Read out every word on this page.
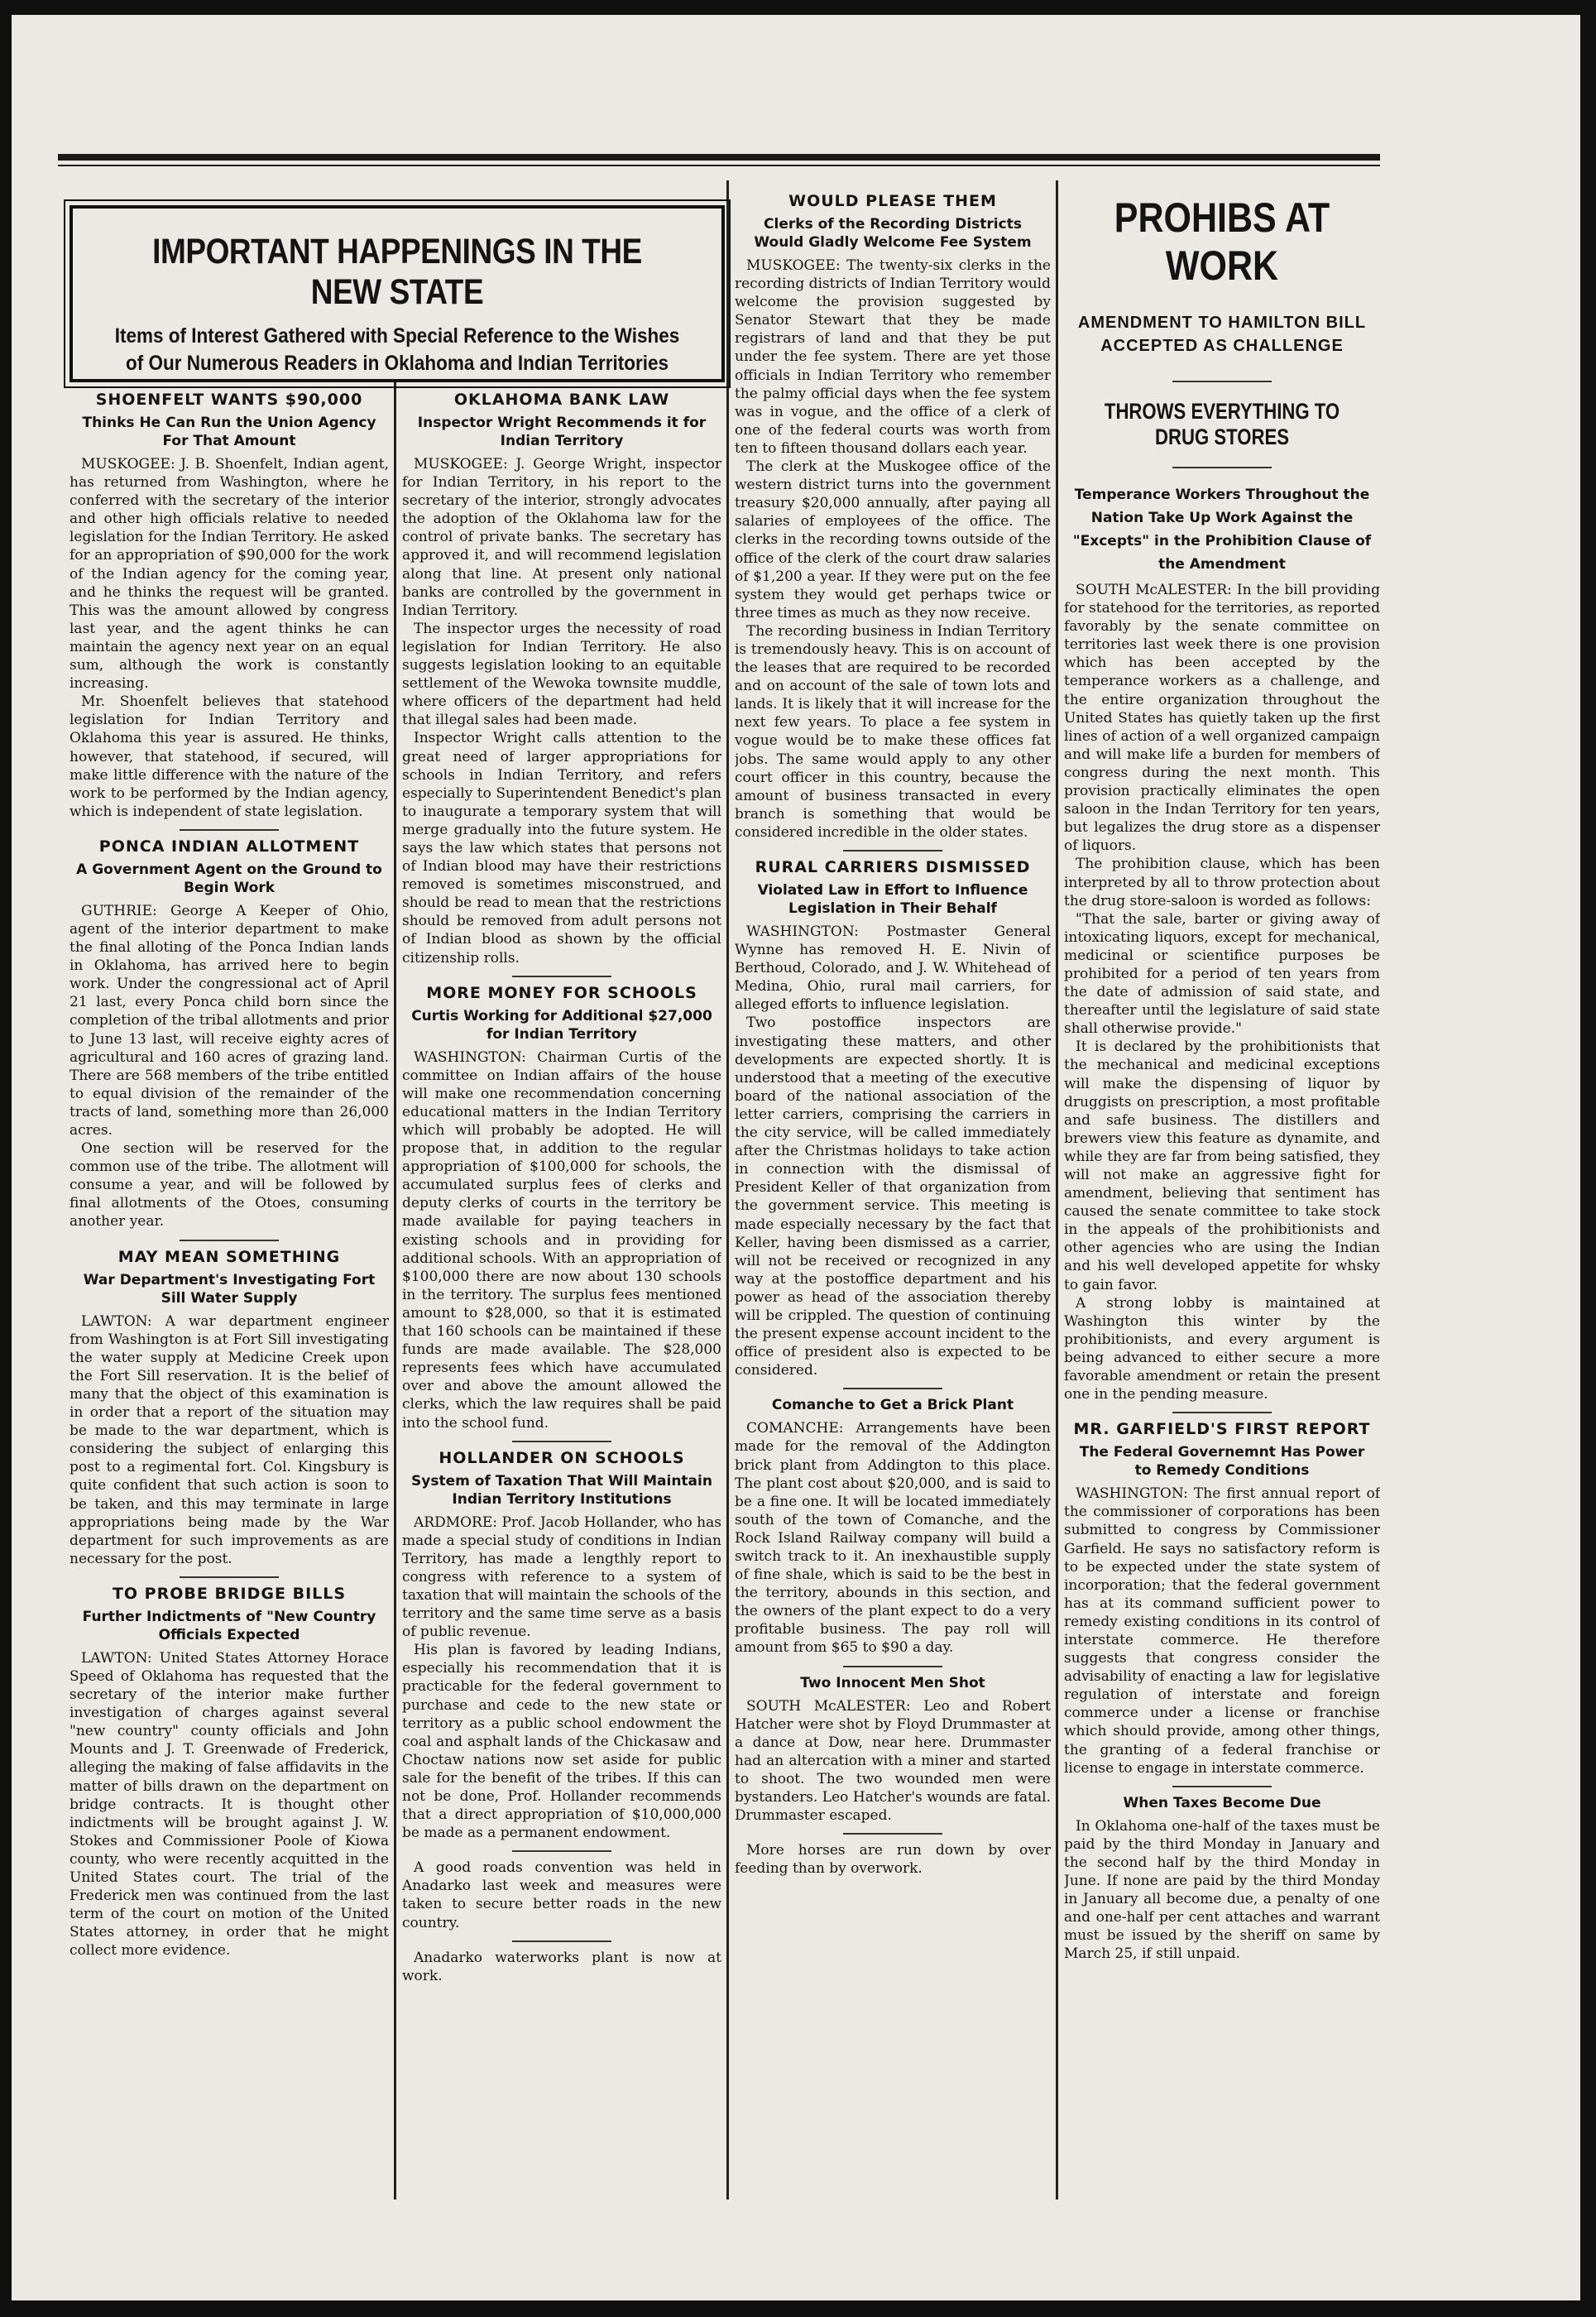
IMPORTANT HAPPENINGS IN THE NEW STATE
Items of Interest Gathered with Special Reference to the Wishes of Our Numerous Readers in Oklahoma and Indian Territories
SHOENFELT WANTS $90,000
Thinks He Can Run the Union Agency For That Amount

MUSKOGEE: J. B. Shoenfelt, Indian agent, has returned from Washington, where he conferred with the secretary of the interior and other high officials relative to needed legislation for the Indian Territory. He asked for an appropriation of $90,000 for the work of the Indian agency for the coming year, and he thinks the request will be granted. This was the amount allowed by congress last year, and the agent thinks he can maintain the agency next year on an equal sum, although the work is constantly increasing.

Mr. Shoenfelt believes that statehood legislation for Indian Territory and Oklahoma this year is assured. He thinks, however, that statehood, if secured, will make little difference with the nature of the work to be performed by the Indian agency, which is independent of state legislation.

PONCA INDIAN ALLOTMENT
A Government Agent on the Ground to Begin Work

GUTHRIE: George A Keeper of Ohio, agent of the interior department to make the final alloting of the Ponca Indian lands in Oklahoma, has arrived here to begin work. Under the congressional act of April 21 last, every Ponca child born since the completion of the tribal allotments and prior to June 13 last, will receive eighty acres of agricultural and 160 acres of grazing land. There are 568 members of the tribe entitled to equal division of the remainder of the tracts of land, something more than 26,000 acres.

One section will be reserved for the common use of the tribe. The allotment will consume a year, and will be followed by final allotments of the Otoes, consuming another year.

MAY MEAN SOMETHING
War Department's Investigating Fort Sill Water Supply

LAWTON: A war department engineer from Washington is at Fort Sill investigating the water supply at Medicine Creek upon the Fort Sill reservation. It is the belief of many that the object of this examination is in order that a report of the situation may be made to the war department, which is considering the subject of enlarging this post to a regimental fort. Col. Kingsbury is quite confident that such action is soon to be taken, and this may terminate in large appropriations being made by the War department for such improvements as are necessary for the post.

TO PROBE BRIDGE BILLS
Further Indictments of "New Country Officials Expected

LAWTON: United States Attorney Horace Speed of Oklahoma has requested that the secretary of the interior make further investigation of charges against several "new country" county officials and John Mounts and J. T. Greenwade of Frederick, alleging the making of false affidavits in the matter of bills drawn on the department on bridge contracts. It is thought other indictments will be brought against J. W. Stokes and Commissioner Poole of Kiowa county, who were recently acquitted in the United States court. The trial of the Frederick men was continued from the last term of the court on motion of the United States attorney, in order that he might collect more evidence.

OKLAHOMA BANK LAW
Inspector Wright Recommends it for Indian Territory

MUSKOGEE: J. George Wright, inspector for Indian Territory, in his report to the secretary of the interior, strongly advocates the adoption of the Oklahoma law for the control of private banks. The secretary has approved it, and will recommend legislation along that line. At present only national banks are controlled by the government in Indian Territory.

The inspector urges the necessity of road legislation for Indian Territory. He also suggests legislation looking to an equitable settlement of the Wewoka townsite muddle, where officers of the department had held that illegal sales had been made.

Inspector Wright calls attention to the great need of larger appropriations for schools in Indian Territory, and refers especially to Superintendent Benedict's plan to inaugurate a temporary system that will merge gradually into the future system. He says the law which states that persons not of Indian blood may have their restrictions removed is sometimes misconstrued, and should be read to mean that the restrictions should be removed from adult persons not of Indian blood as shown by the official citizenship rolls.

MORE MONEY FOR SCHOOLS
Curtis Working for Additional $27,000 for Indian Territory

WASHINGTON: Chairman Curtis of the committee on Indian affairs of the house will make one recommendation concerning educational matters in the Indian Territory which will probably be adopted. He will propose that, in addition to the regular appropriation of $100,000 for schools, the accumulated surplus fees of clerks and deputy clerks of courts in the territory be made available for paying teachers in existing schools and in providing for additional schools. With an appropriation of $100,000 there are now about 130 schools in the territory. The surplus fees mentioned amount to $28,000, so that it is estimated that 160 schools can be maintained if these funds are made available. The $28,000 represents fees which have accumulated over and above the amount allowed the clerks, which the law requires shall be paid into the school fund.

HOLLANDER ON SCHOOLS
System of Taxation That Will Maintain Indian Territory Institutions

ARDMORE: Prof. Jacob Hollander, who has made a special study of conditions in Indian Territory, has made a lengthly report to congress with reference to a system of taxation that will maintain the schools of the territory and the same time serve as a basis of public revenue.

His plan is favored by leading Indians, especially his recommendation that it is practicable for the federal government to purchase and cede to the new state or territory as a public school endowment the coal and asphalt lands of the Chickasaw and Choctaw nations now set aside for public sale for the benefit of the tribes. If this can not be done, Prof. Hollander recommends that a direct appropriation of $10,000,000 be made as a permanent endowment.

A good roads convention was held in Anadarko last week and measures were taken to secure better roads in the new country.

Anadarko waterworks plant is now at work.

WOULD PLEASE THEM
Clerks of the Recording Districts Would Gladly Welcome Fee System

MUSKOGEE: The twenty-six clerks in the recording districts of Indian Territory would welcome the provision suggested by Senator Stewart that they be made registrars of land and that they be put under the fee system. There are yet those officials in Indian Territory who remember the palmy official days when the fee system was in vogue, and the office of a clerk of one of the federal courts was worth from ten to fifteen thousand dollars each year.

The clerk at the Muskogee office of the western district turns into the government treasury $20,000 annually, after paying all salaries of employees of the office. The clerks in the recording towns outside of the office of the clerk of the court draw salaries of $1,200 a year. If they were put on the fee system they would get perhaps twice or three times as much as they now receive.

The recording business in Indian Territory is tremendously heavy. This is on account of the leases that are required to be recorded and on account of the sale of town lots and lands. It is likely that it will increase for the next few years. To place a fee system in vogue would be to make these offices fat jobs. The same would apply to any other court officer in this country, because the amount of business transacted in every branch is something that would be considered incredible in the older states.

RURAL CARRIERS DISMISSED
Violated Law in Effort to Influence Legislation in Their Behalf

WASHINGTON: Postmaster General Wynne has removed H. E. Nivin of Berthoud, Colorado, and J. W. Whitehead of Medina, Ohio, rural mail carriers, for alleged efforts to influence legislation.

Two postoffice inspectors are investigating these matters, and other developments are expected shortly. It is understood that a meeting of the executive board of the national association of the letter carriers, comprising the carriers in the city service, will be called immediately after the Christmas holidays to take action in connection with the dismissal of President Keller of that organization from the government service. This meeting is made especially necessary by the fact that Keller, having been dismissed as a carrier, will not be received or recognized in any way at the postoffice department and his power as head of the association thereby will be crippled. The question of continuing the present expense account incident to the office of president also is expected to be considered.

Comanche to Get a Brick Plant

COMANCHE: Arrangements have been made for the removal of the Addington brick plant from Addington to this place. The plant cost about $20,000, and is said to be a fine one. It will be located immediately south of the town of Comanche, and the Rock Island Railway company will build a switch track to it. An inexhaustible supply of fine shale, which is said to be the best in the territory, abounds in this section, and the owners of the plant expect to do a very profitable business. The pay roll will amount from $65 to $90 a day.

Two Innocent Men Shot

SOUTH McALESTER: Leo and Robert Hatcher were shot by Floyd Drummaster at a dance at Dow, near here. Drummaster had an altercation with a miner and started to shoot. The two wounded men were bystanders. Leo Hatcher's wounds are fatal. Drummaster escaped.

More horses are run down by over feeding than by overwork.

PROHIBS AT WORK
AMENDMENT TO HAMILTON BILL ACCEPTED AS CHALLENGE
THROWS EVERYTHING TO DRUG STORES
Temperance Workers Throughout the Nation Take Up Work Against the "Excepts" in the Prohibition Clause of the Amendment

SOUTH McALESTER: In the bill providing for statehood for the territories, as reported favorably by the senate committee on territories last week there is one provision which has been accepted by the temperance workers as a challenge, and the entire organization throughout the United States has quietly taken up the first lines of action of a well organized campaign and will make life a burden for members of congress during the next month. This provision practically eliminates the open saloon in the Indan Territory for ten years, but legalizes the drug store as a dispenser of liquors.

The prohibition clause, which has been interpreted by all to throw protection about the drug store-saloon is worded as follows:

"That the sale, barter or giving away of intoxicating liquors, except for mechanical, medicinal or scientifice purposes be prohibited for a period of ten years from the date of admission of said state, and thereafter until the legislature of said state shall otherwise provide."

It is declared by the prohibitionists that the mechanical and medicinal exceptions will make the dispensing of liquor by druggists on prescription, a most profitable and safe business. The distillers and brewers view this feature as dynamite, and while they are far from being satisfied, they will not make an aggressive fight for amendment, believing that sentiment has caused the senate committee to take stock in the appeals of the prohibitionists and other agencies who are using the Indian and his well developed appetite for whsky to gain favor.

A strong lobby is maintained at Washington this winter by the prohibitionists, and every argument is being advanced to either secure a more favorable amendment or retain the present one in the pending measure.

MR. GARFIELD'S FIRST REPORT
The Federal Governemnt Has Power to Remedy Conditions

WASHINGTON: The first annual report of the commissioner of corporations has been submitted to congress by Commissioner Garfield. He says no satisfactory reform is to be expected under the state system of incorporation; that the federal government has at its command sufficient power to remedy existing conditions in its control of interstate commerce. He therefore suggests that congress consider the advisability of enacting a law for legislative regulation of interstate and foreign commerce under a license or franchise which should provide, among other things, the granting of a federal franchise or license to engage in interstate commerce.

When Taxes Become Due

In Oklahoma one-half of the taxes must be paid by the third Monday in January and the second half by the third Monday in June. If none are paid by the third Monday in January all become due, a penalty of one and one-half per cent attaches and warrant must be issued by the sheriff on same by March 25, if still unpaid.
